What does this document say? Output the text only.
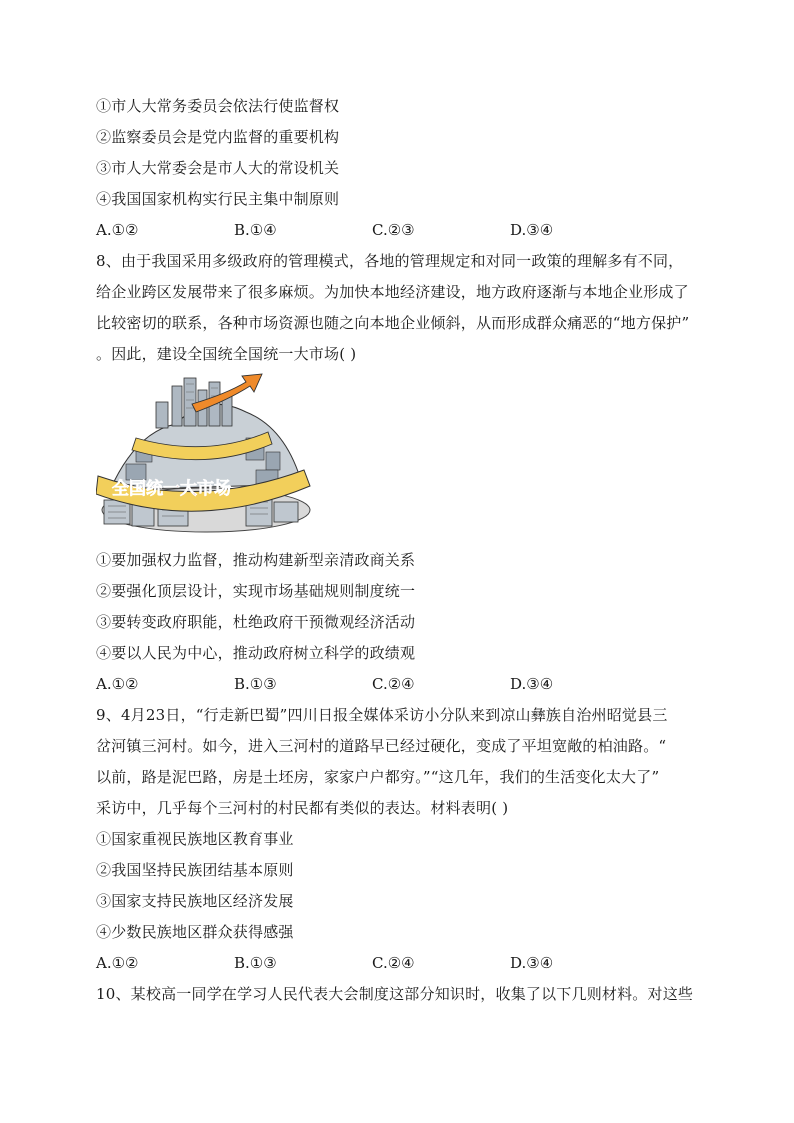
①市人大常务委员会依法行使监督权
②监察委员会是党内监督的重要机构
③市人大常委会是市人大的常设机关
④我国国家机构实行民主集中制原则
A.①②	B.①④	C.②③	D.③④
8、由于我国采用多级政府的管理模式，各地的管理规定和对同一政策的理解多有不同，
给企业跨区发展带来了很多麻烦。为加快本地经济建设，地方政府逐渐与本地企业形成了
比较密切的联系，各种市场资源也随之向本地企业倾斜，从而形成群众痛恶的“地方保护”
。因此，建设全国统全国统一大市场( )
全国统一大市场
①要加强权力监督，推动构建新型亲清政商关系
②要强化顶层设计，实现市场基础规则制度统一
③要转变政府职能，杜绝政府干预微观经济活动
④要以人民为中心，推动政府树立科学的政绩观
A.①②	B.①③	C.②④	D.③④
9、4月23日，“行走新巴蜀”四川日报全媒体采访小分队来到凉山彝族自治州昭觉县三
岔河镇三河村。如今，进入三河村的道路早已经过硬化，变成了平坦宽敞的柏油路。“
以前，路是泥巴路，房是土坯房，家家户户都穷。”“这几年，我们的生活变化太大了”
采访中，几乎每个三河村的村民都有类似的表达。材料表明( )
①国家重视民族地区教育事业
②我国坚持民族团结基本原则
③国家支持民族地区经济发展
④少数民族地区群众获得感强
A.①②	B.①③	C.②④	D.③④
10、某校高一同学在学习人民代表大会制度这部分知识时，收集了以下几则材料。对这些
